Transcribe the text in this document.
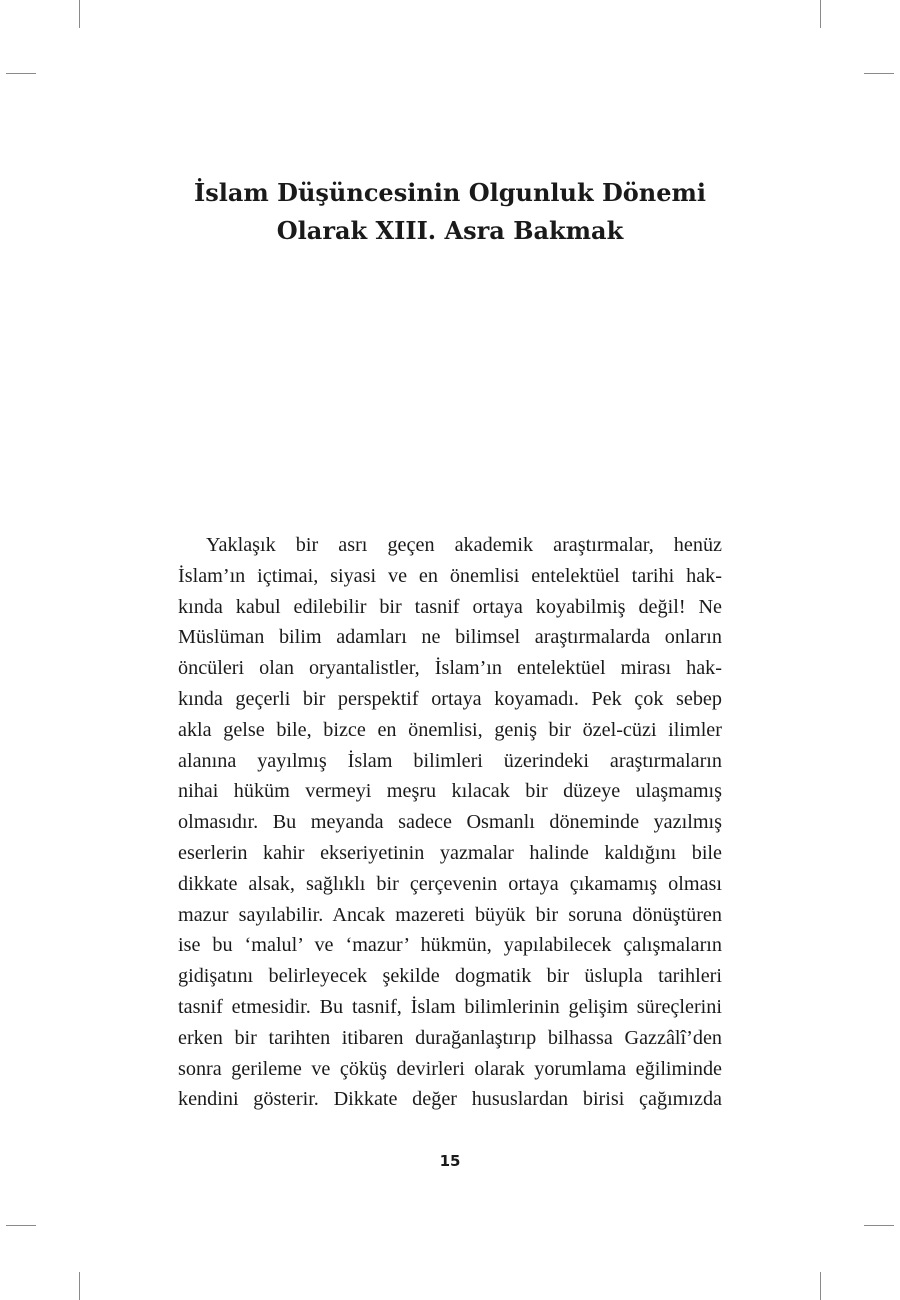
İslam Düşüncesinin Olgunluk Dönemi
Olarak XIII. Asra Bakmak
Yaklaşık bir asrı geçen akademik araştırmalar, henüz
İslam’ın içtimai, siyasi ve en önemlisi entelektüel tarihi hak-
kında kabul edilebilir bir tasnif ortaya koyabilmiş değil! Ne
Müslüman bilim adamları ne bilimsel araştırmalarda onların
öncüleri olan oryantalistler, İslam’ın entelektüel mirası hak-
kında geçerli bir perspektif ortaya koyamadı. Pek çok sebep
akla gelse bile, bizce en önemlisi, geniş bir özel-cüzi ilimler
alanına yayılmış İslam bilimleri üzerindeki araştırmaların
nihai hüküm vermeyi meşru kılacak bir düzeye ulaşmamış
olmasıdır. Bu meyanda sadece Osmanlı döneminde yazılmış
eserlerin kahir ekseriyetinin yazmalar halinde kaldığını bile
dikkate alsak, sağlıklı bir çerçevenin ortaya çıkamamış olması
mazur sayılabilir. Ancak mazereti büyük bir soruna dönüştüren
ise bu ‘malul’ ve ‘mazur’ hükmün, yapılabilecek çalışmaların
gidişatını belirleyecek şekilde dogmatik bir üslupla tarihleri
tasnif etmesidir. Bu tasnif, İslam bilimlerinin gelişim süreçlerini
erken bir tarihten itibaren durağanlaştırıp bilhassa Gazzâlî’den
sonra gerileme ve çöküş devirleri olarak yorumlama eğiliminde
kendini gösterir. Dikkate değer hususlardan birisi çağımızda
15
